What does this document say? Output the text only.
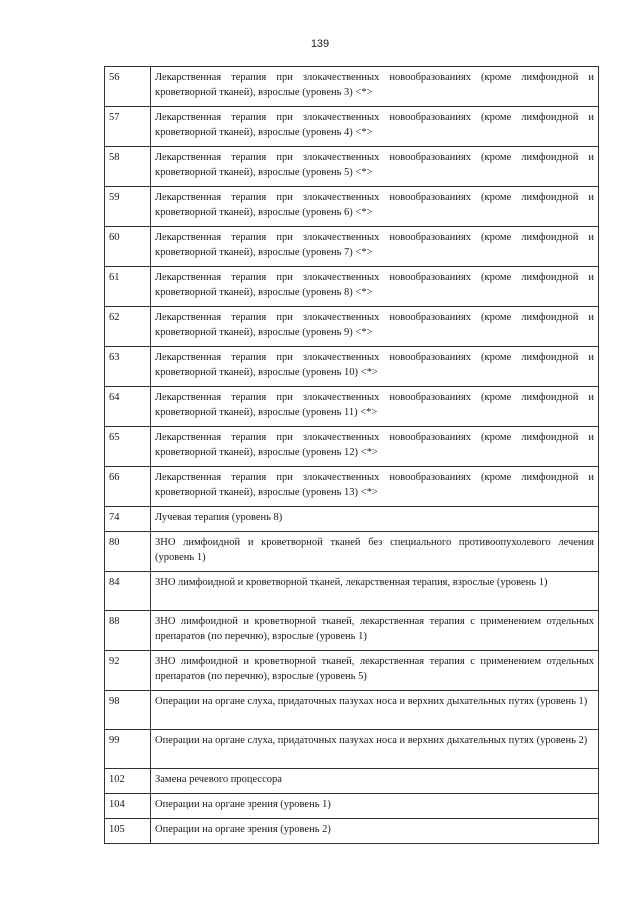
139
56	Лекарственная терапия при злокачественных новообразованиях (кроме лимфоидной и кроветворной тканей), взрослые (уровень 3) <*>
57	Лекарственная терапия при злокачественных новообразованиях (кроме лимфоидной и кроветворной тканей), взрослые (уровень 4) <*>
58	Лекарственная терапия при злокачественных новообразованиях (кроме лимфоидной и кроветворной тканей), взрослые (уровень 5) <*>
59	Лекарственная терапия при злокачественных новообразованиях (кроме лимфоидной и кроветворной тканей), взрослые (уровень 6) <*>
60	Лекарственная терапия при злокачественных новообразованиях (кроме лимфоидной и кроветворной тканей), взрослые (уровень 7) <*>
61	Лекарственная терапия при злокачественных новообразованиях (кроме лимфоидной и кроветворной тканей), взрослые (уровень 8) <*>
62	Лекарственная терапия при злокачественных новообразованиях (кроме лимфоидной и кроветворной тканей), взрослые (уровень 9) <*>
63	Лекарственная терапия при злокачественных новообразованиях (кроме лимфоидной и кроветворной тканей), взрослые (уровень 10) <*>
64	Лекарственная терапия при злокачественных новообразованиях (кроме лимфоидной и кроветворной тканей), взрослые (уровень 11) <*>
65	Лекарственная терапия при злокачественных новообразованиях (кроме лимфоидной и кроветворной тканей), взрослые (уровень 12) <*>
66	Лекарственная терапия при злокачественных новообразованиях (кроме лимфоидной и кроветворной тканей), взрослые (уровень 13) <*>
74	Лучевая терапия (уровень 8)
80	ЗНО лимфоидной и кроветворной тканей без специального противоопухолевого лечения (уровень 1)
84	ЗНО лимфоидной и кроветворной тканей, лекарственная терапия, взрослые (уровень 1)
88	ЗНО лимфоидной и кроветворной тканей, лекарственная терапия с применением отдельных препаратов (по перечню), взрослые (уровень 1)
92	ЗНО лимфоидной и кроветворной тканей, лекарственная терапия с применением отдельных препаратов (по перечню), взрослые (уровень 5)
98	Операции на органе слуха, придаточных пазухах носа и верхних дыхательных путях (уровень 1)
99	Операции на органе слуха, придаточных пазухах носа и верхних дыхательных путях (уровень 2)
102	Замена речевого процессора
104	Операции на органе зрения (уровень 1)
105	Операции на органе зрения (уровень 2)
